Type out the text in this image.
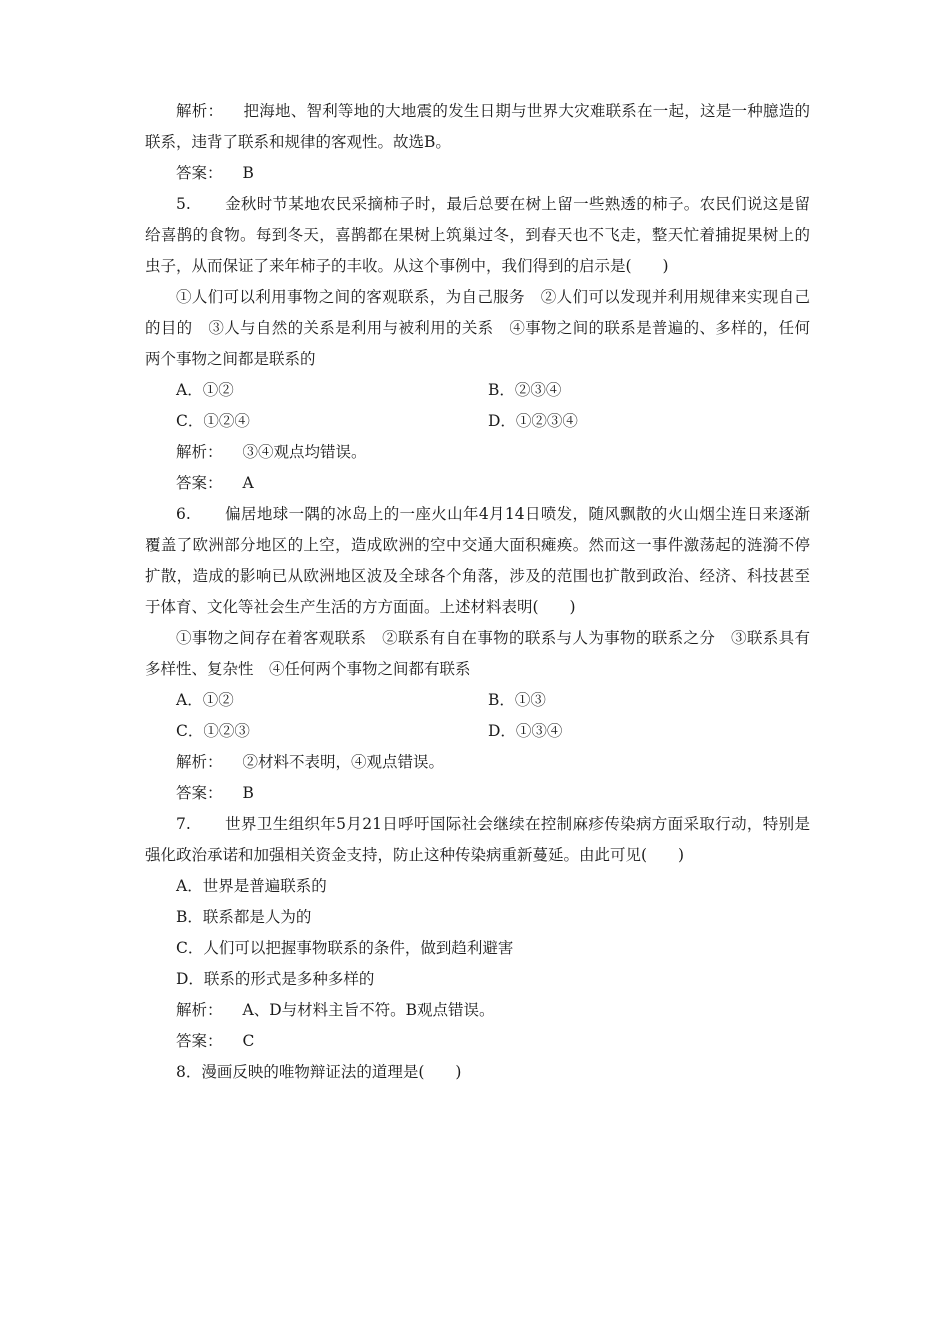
解析： 把海地、智利等地的大地震的发生日期与世界大灾难联系在一起，这是一种臆造的联系，违背了联系和规律的客观性。故选B。

答案： B

5. 金秋时节某地农民采摘柿子时，最后总要在树上留一些熟透的柿子。农民们说这是留给喜鹊的食物。每到冬天，喜鹊都在果树上筑巢过冬，到春天也不飞走，整天忙着捕捉果树上的虫子，从而保证了来年柿子的丰收。从这个事例中，我们得到的启示是(　　)

①人们可以利用事物之间的客观联系，为自己服务　②人们可以发现并利用规律来实现自己的目的　③人与自然的关系是利用与被利用的关系　④事物之间的联系是普遍的、多样的，任何两个事物之间都是联系的

A．①②	B．②③④
C．①②④	D．①②③④

解析： ③④观点均错误。

答案： A

6. 偏居地球一隅的冰岛上的一座火山年4月14日喷发，随风飘散的火山烟尘连日来逐渐覆盖了欧洲部分地区的上空，造成欧洲的空中交通大面积瘫痪。然而这一事件激荡起的涟漪不停扩散，造成的影响已从欧洲地区波及全球各个角落，涉及的范围也扩散到政治、经济、科技甚至于体育、文化等社会生产生活的方方面面。上述材料表明(　　)

①事物之间存在着客观联系　②联系有自在事物的联系与人为事物的联系之分　③联系具有多样性、复杂性　④任何两个事物之间都有联系

A．①②	B．①③
C．①②③	D．①③④

解析： ②材料不表明，④观点错误。

答案： B

7. 世界卫生组织年5月21日呼吁国际社会继续在控制麻疹传染病方面采取行动，特别是强化政治承诺和加强相关资金支持，防止这种传染病重新蔓延。由此可见(　　)

A．世界是普遍联系的
B．联系都是人为的
C．人们可以把握事物联系的条件，做到趋利避害
D．联系的形式是多种多样的

解析： A、D与材料主旨不符。B观点错误。

答案： C

8．漫画反映的唯物辩证法的道理是(　　)
